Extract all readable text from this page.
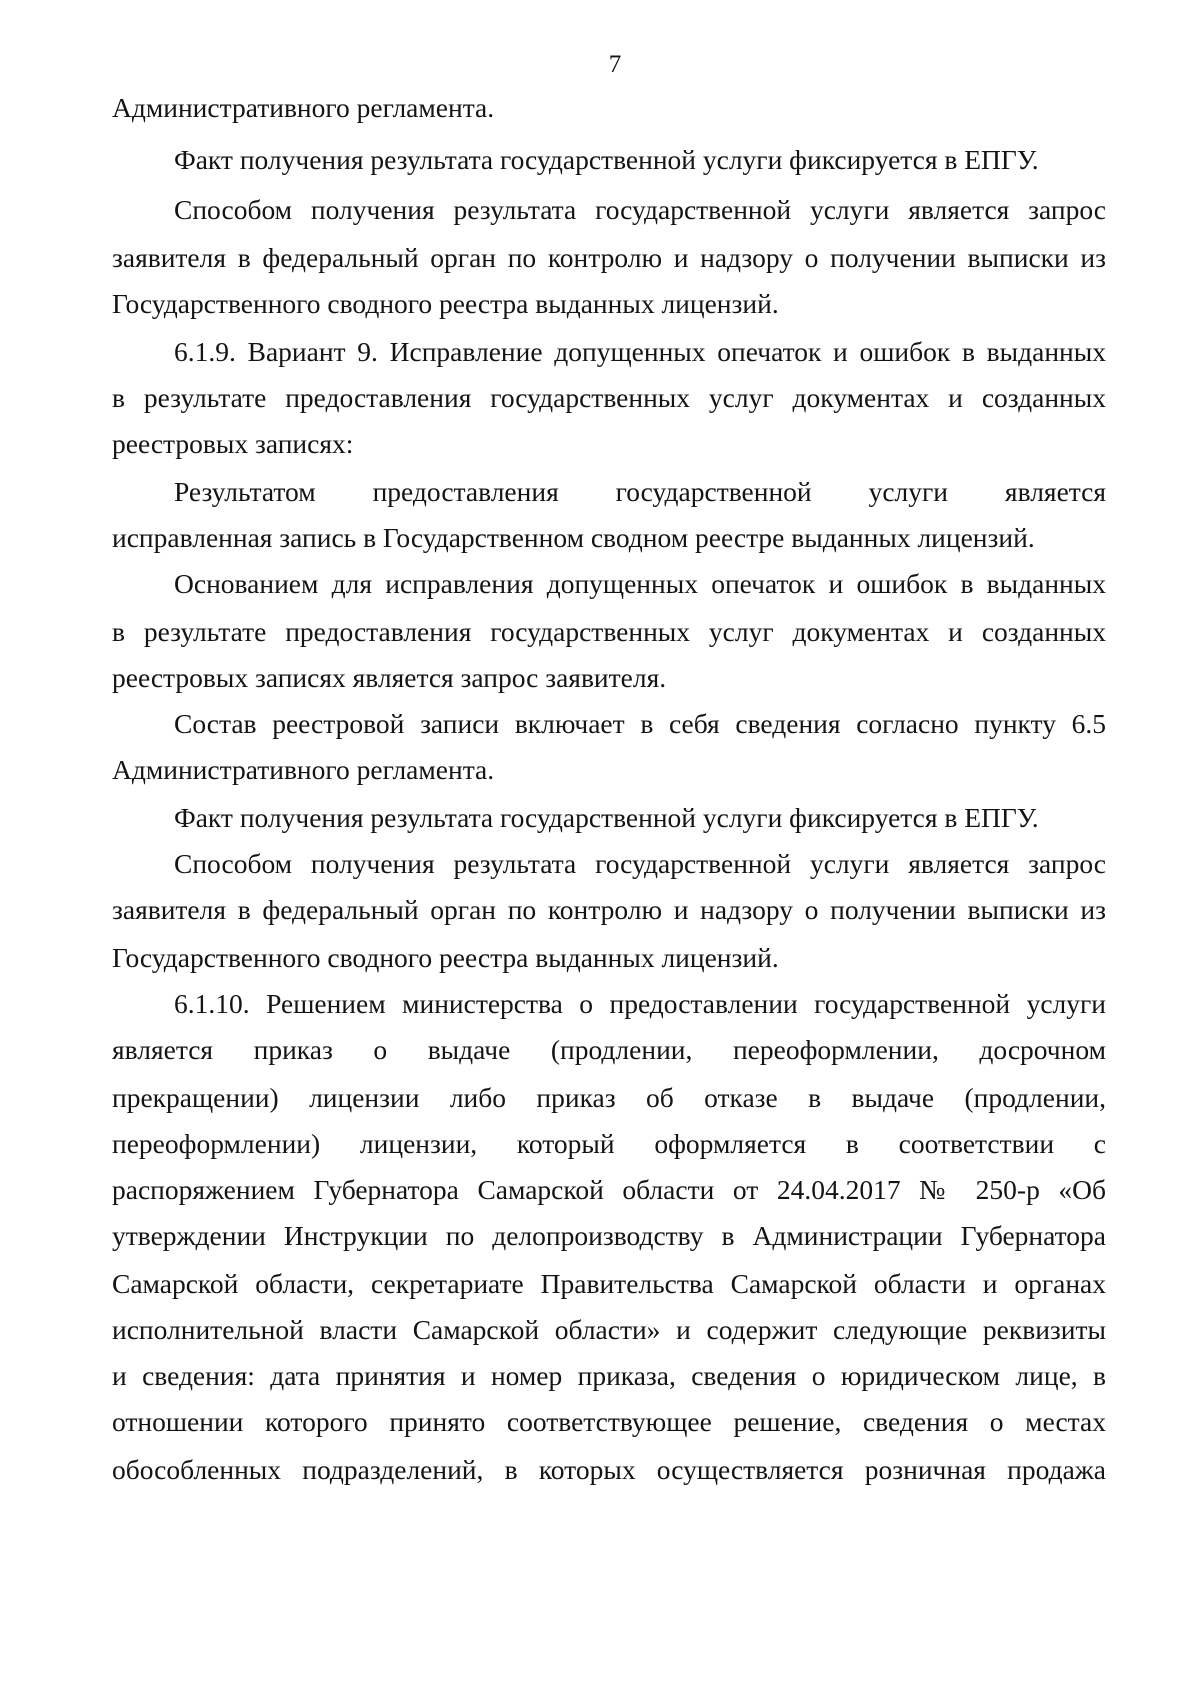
7
Административного регламента.
Факт получения результата государственной услуги фиксируется в ЕПГУ.
Способом получения результата государственной услуги является запрос
заявителя в федеральный орган по контролю и надзору о получении выписки из
Государственного сводного реестра выданных лицензий.
6.1.9. Вариант 9. Исправление допущенных опечаток и ошибок в выданных
в результате предоставления государственных услуг документах и созданных
реестровых записях:
Результатом предоставления государственной услуги является
исправленная запись в Государственном сводном реестре выданных лицензий.
Основанием для исправления допущенных опечаток и ошибок в выданных
в результате предоставления государственных услуг документах и созданных
реестровых записях является запрос заявителя.
Состав реестровой записи включает в себя сведения согласно пункту 6.5
Административного регламента.
Факт получения результата государственной услуги фиксируется в ЕПГУ.
Способом получения результата государственной услуги является запрос
заявителя в федеральный орган по контролю и надзору о получении выписки из
Государственного сводного реестра выданных лицензий.
6.1.10. Решением министерства о предоставлении государственной услуги
является приказ о выдаче (продлении, переоформлении, досрочном
прекращении) лицензии либо приказ об отказе в выдаче (продлении,
переоформлении) лицензии, который оформляется в соответствии с
распоряжением Губернатора Самарской области от 24.04.2017 № 250-р «Об
утверждении Инструкции по делопроизводству в Администрации Губернатора
Самарской области, секретариате Правительства Самарской области и органах
исполнительной власти Самарской области» и содержит следующие реквизиты
и сведения: дата принятия и номер приказа, сведения о юридическом лице, в
отношении которого принято соответствующее решение, сведения о местах
обособленных подразделений, в которых осуществляется розничная продажа
